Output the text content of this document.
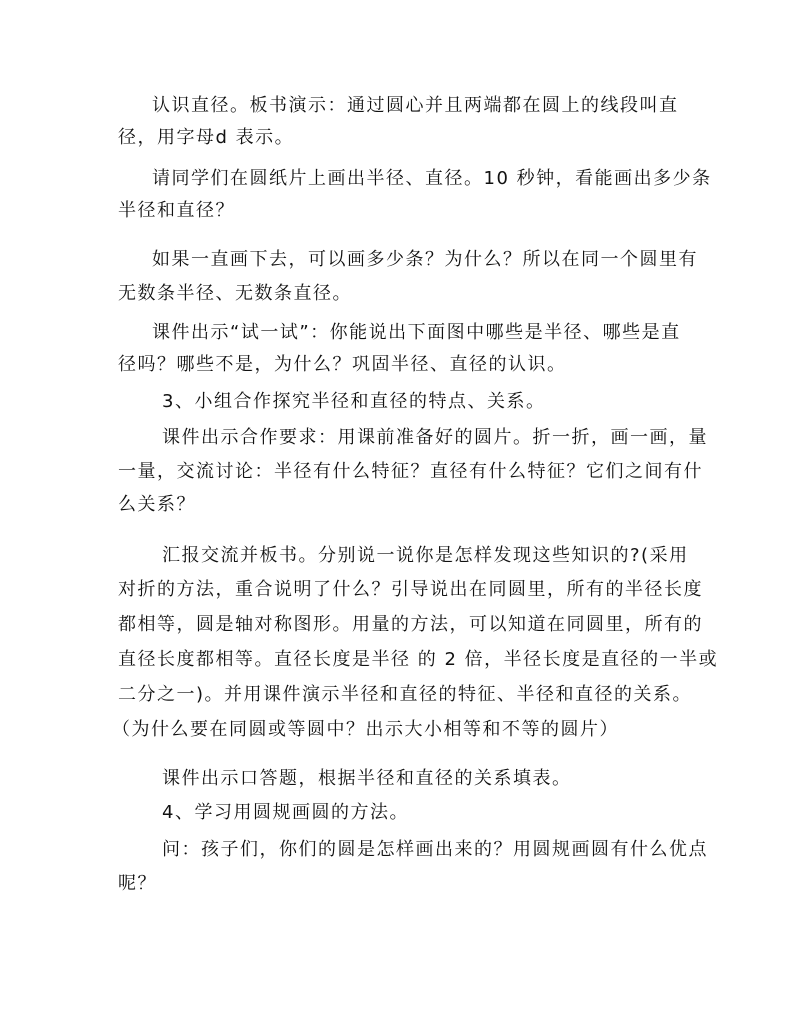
认识直径。板书演示：通过圆心并且两端都在圆上的线段叫直
径，用字母d 表示。
请同学们在圆纸片上画出半径、直径。10 秒钟，看能画出多少条
半径和直径？
如果一直画下去，可以画多少条？为什么？所以在同一个圆里有
无数条半径、无数条直径。
课件出示“试一试”：你能说出下面图中哪些是半径、哪些是直
径吗？哪些不是，为什么？巩固半径、直径的认识。
3、小组合作探究半径和直径的特点、关系。
课件出示合作要求：用课前准备好的圆片。折一折，画一画，量
一量，交流讨论：半径有什么特征？直径有什么特征？它们之间有什
么关系？
汇报交流并板书。分别说一说你是怎样发现这些知识的?(采用
对折的方法，重合说明了什么？引导说出在同圆里，所有的半径长度
都相等，圆是轴对称图形。用量的方法，可以知道在同圆里，所有的
直径长度都相等。直径长度是半径 的 2 倍，半径长度是直径的一半或
二分之一)。并用课件演示半径和直径的特征、半径和直径的关系。
（为什么要在同圆或等圆中？出示大小相等和不等的圆片）
课件出示口答题，根据半径和直径的关系填表。
4、学习用圆规画圆的方法。
问：孩子们，你们的圆是怎样画出来的？用圆规画圆有什么优点
呢？
